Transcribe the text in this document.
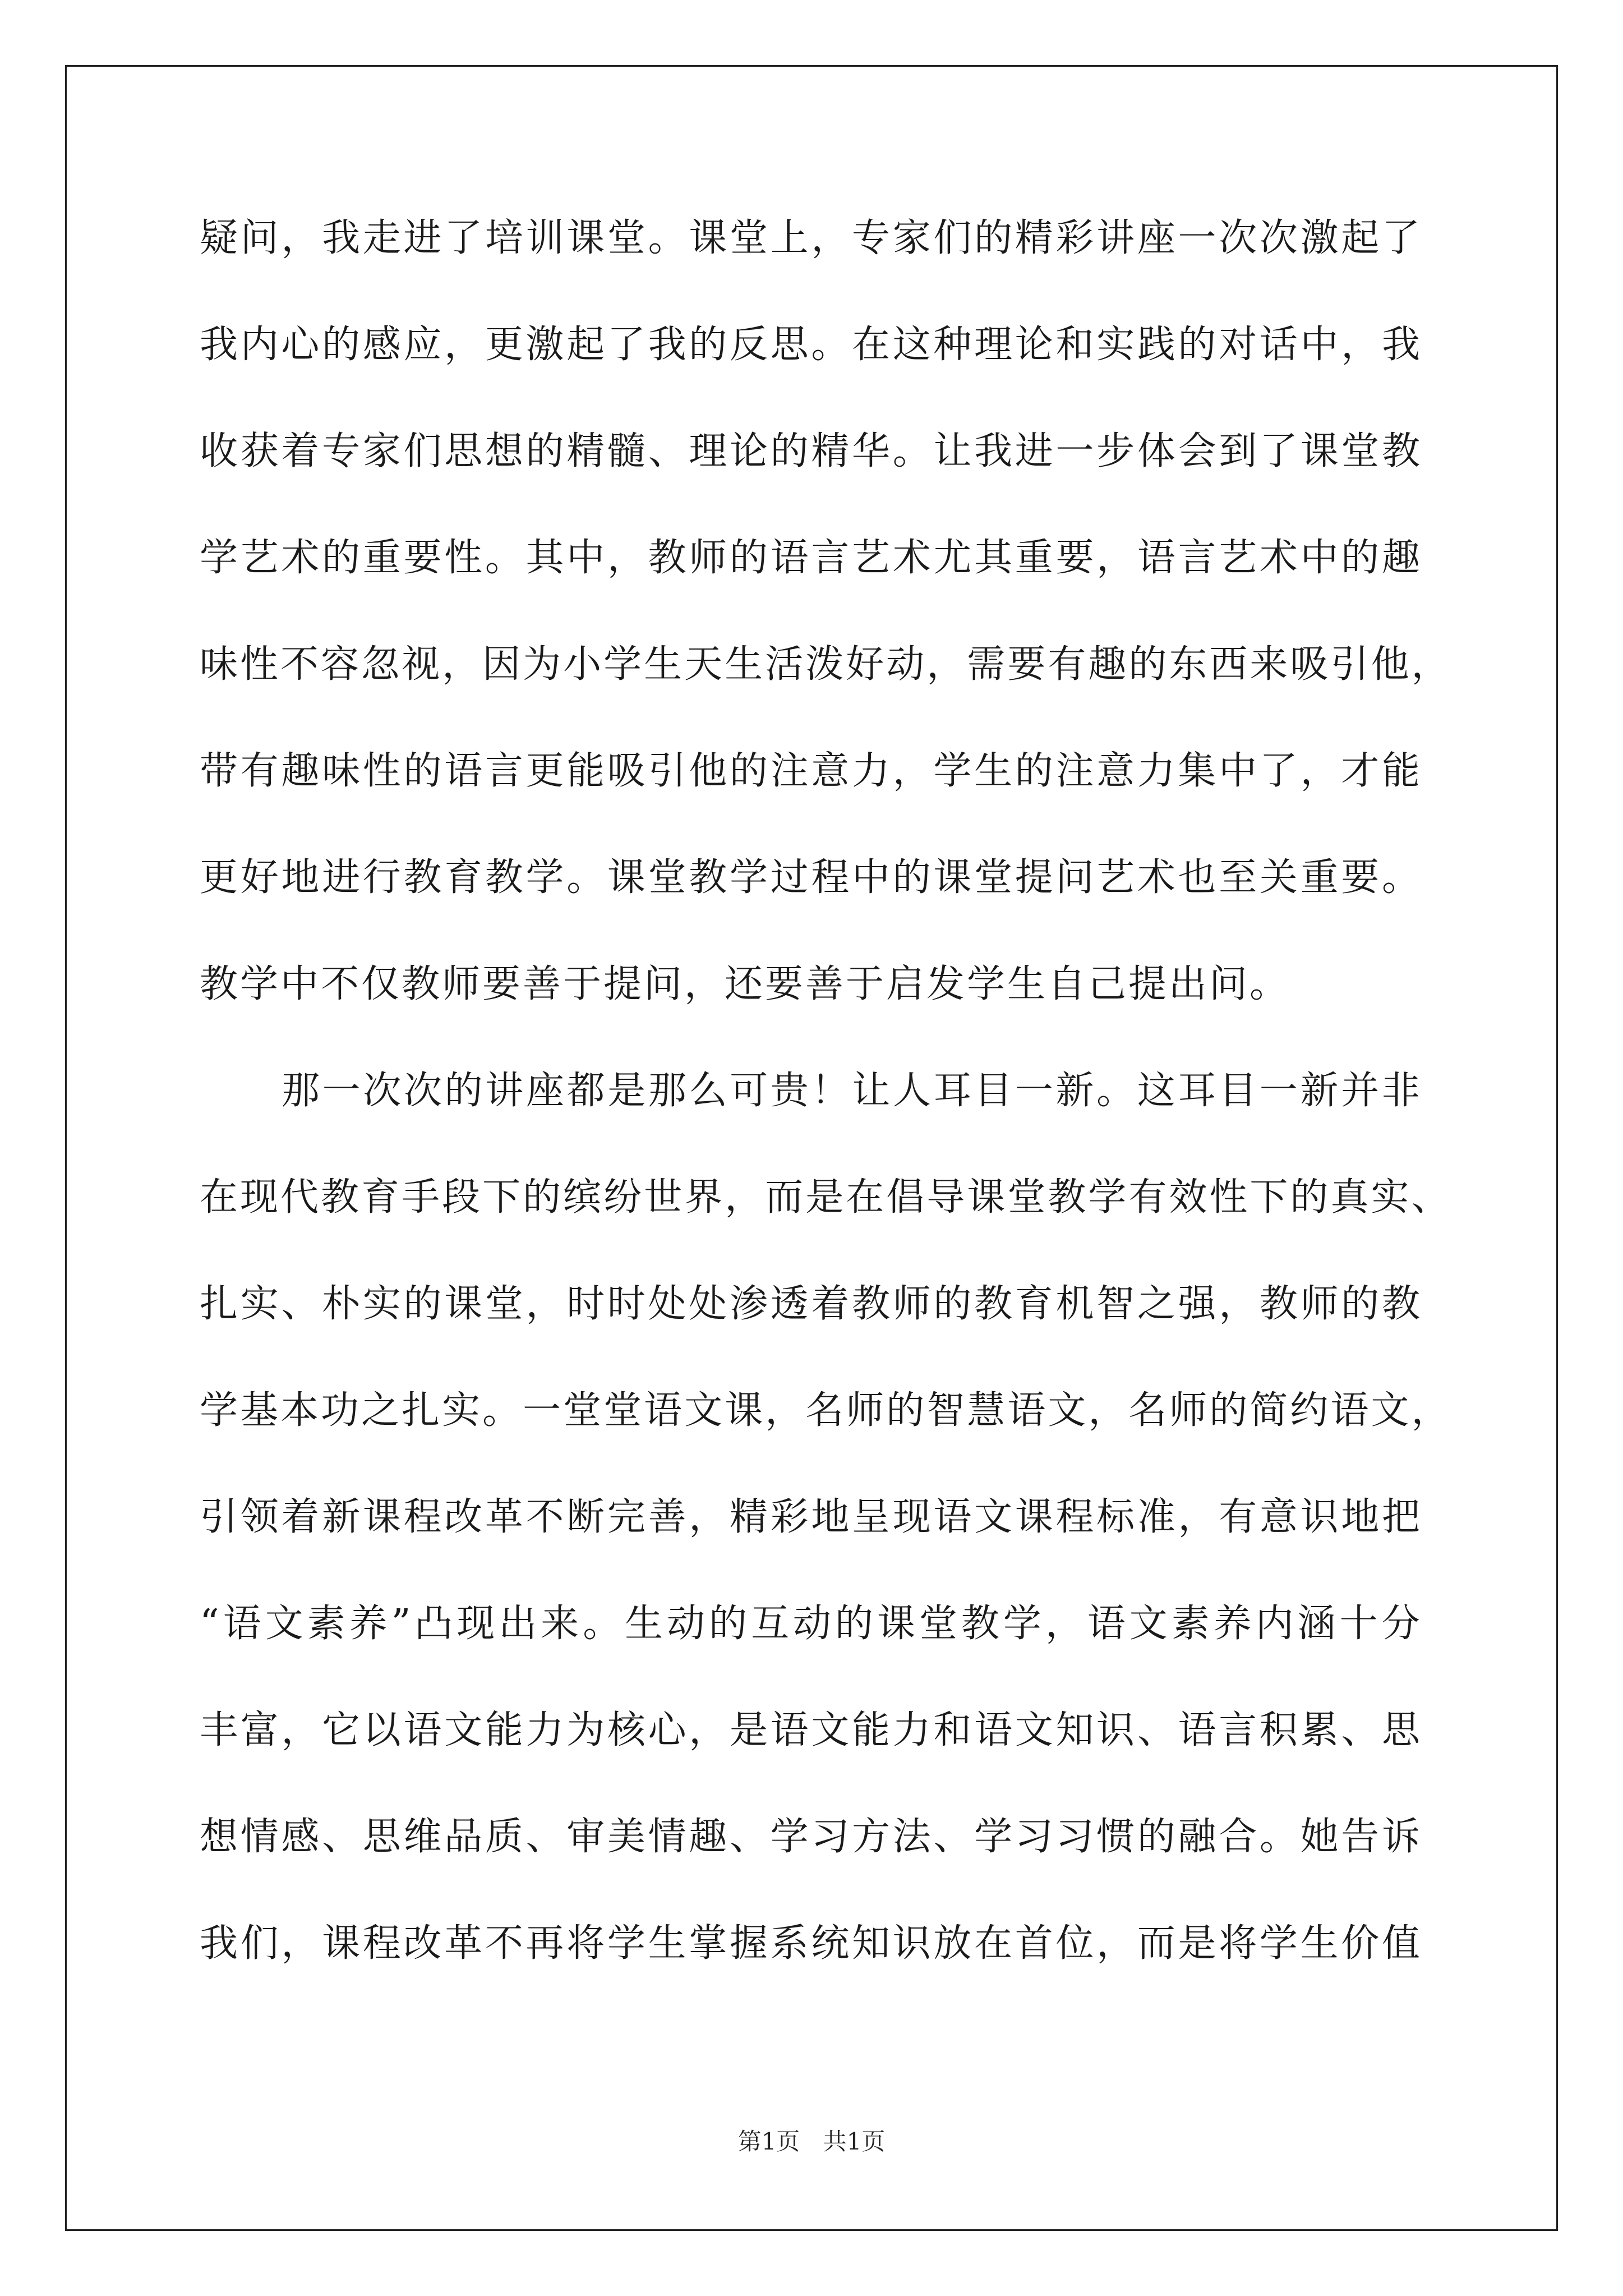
疑 问 ， 我 走 进 了 培 训 课 堂 。 课 堂 上 ， 专 家 们 的 精 彩 讲 座 一 次 次 激 起 了
我 内 心 的 感 应 ， 更 激 起 了 我 的 反 思 。 在 这 种 理 论 和 实 践 的 对 话 中 ， 我
收 获 着 专 家 们 思 想 的 精 髓 、 理 论 的 精 华 。 让 我 进 一 步 体 会 到 了 课 堂 教
学 艺 术 的 重 要 性 。 其 中 ， 教 师 的 语 言 艺 术 尤 其 重 要 ， 语 言 艺 术 中 的 趣
味 性 不 容 忽 视 ， 因 为 小 学 生 天 生 活 泼 好 动 ， 需 要 有 趣 的 东 西 来 吸 引 他 ，
带 有 趣 味 性 的 语 言 更 能 吸 引 他 的 注 意 力 ， 学 生 的 注 意 力 集 中 了 ， 才 能
更 好 地 进 行 教 育 教 学 。 课 堂 教 学 过 程 中 的 课 堂 提 问 艺 术 也 至 关 重 要 。
教学中不仅教师要善于提问，还要善于启发学生自己提出问。
那 一 次 次 的 讲 座 都 是 那 么 可 贵 ！ 让 人 耳 目 一 新 。 这 耳 目 一 新 并 非
在 现 代 教 育 手 段 下 的 缤 纷 世 界 ， 而 是 在 倡 导 课 堂 教 学 有 效 性 下 的 真 实 、
扎 实 、 朴 实 的 课 堂 ， 时 时 处 处 渗 透 着 教 师 的 教 育 机 智 之 强 ， 教 师 的 教
学 基 本 功 之 扎 实 。 一 堂 堂 语 文 课 ， 名 师 的 智 慧 语 文 ， 名 师 的 简 约 语 文 ，
引 领 着 新 课 程 改 革 不 断 完 善 ， 精 彩 地 呈 现 语 文 课 程 标 准 ， 有 意 识 地 把
“ 语 文 素 养 ” 凸 现 出 来 。 生 动 的 互 动 的 课 堂 教 学 ， 语 文 素 养 内 涵 十 分
丰 富 ， 它 以 语 文 能 力 为 核 心 ， 是 语 文 能 力 和 语 文 知 识 、 语 言 积 累 、 思
想 情 感 、 思 维 品 质 、 审 美 情 趣 、 学 习 方 法 、 学 习 习 惯 的 融 合 。 她 告 诉
我 们 ， 课 程 改 革 不 再 将 学 生 掌 握 系 统 知 识 放 在 首 位 ， 而 是 将 学 生 价 值
第1页 共1页
